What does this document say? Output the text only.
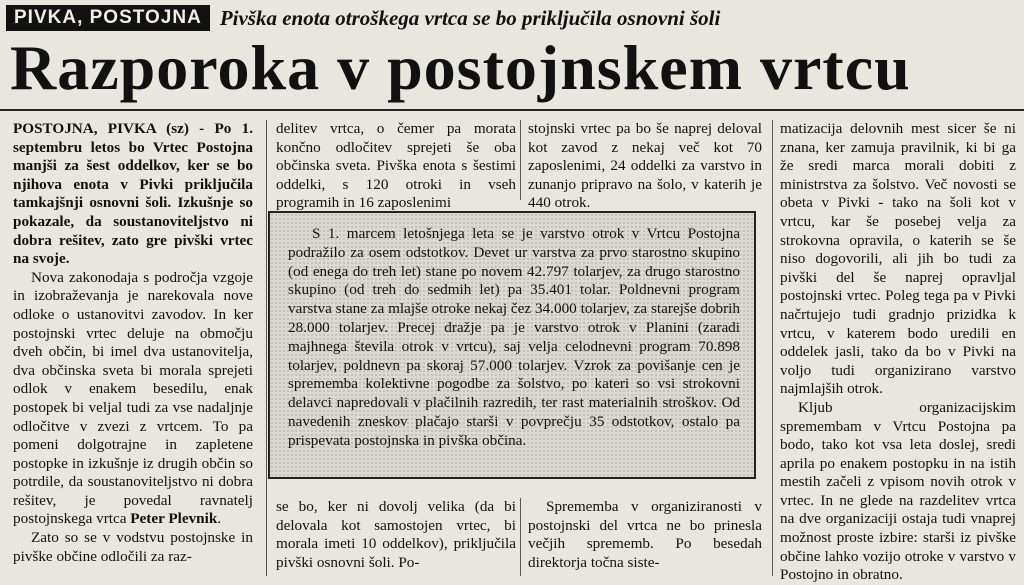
PIVKA, POSTOJNA Pivška enota otroškega vrtca se bo priključila osnovni šoli
Razporoka v postojnskem vrtcu

POSTOJNA, PIVKA (sz) - Po 1. septembru letos bo Vrtec Postojna manjši za šest oddelkov, ker se bo njihova enota v Pivki priključila tamkajšnji osnovni šoli. Izkušnje so pokazale, da soustanoviteljstvo ni dobra rešitev, zato gre pivški vrtec na svoje.

Nova zakonodaja s področja vzgoje in izobraževanja je narekovala nove odloke o ustanovitvi zavodov. In ker postojnski vrtec deluje na območju dveh občin, bi imel dva ustanovitelja, dva občinska sveta bi morala sprejeti odlok v enakem besedilu, enak postopek bi veljal tudi za vse nadaljnje odločitve v zvezi z vrtcem. To pa pomeni dolgotrajne in zapletene postopke in izkušnje iz drugih občin so potrdile, da soustanoviteljstvo ni dobra rešitev, je povedal ravnatelj postojnskega vrtca Peter Plevnik.

Zato so se v vodstvu postojnske in pivške občine odločili za raz-

delitev vrtca, o čemer pa morata končno odločitev sprejeti še oba občinska sveta. Pivška enota s šestimi oddelki, s 120 otroki in vseh programih in 16 zaposlenimi

stojnski vrtec pa bo še naprej deloval kot zavod z nekaj več kot 70 zaposlenimi, 24 oddelki za varstvo in zunanjo pripravo na šolo, v katerih je 440 otrok.

S 1. marcem letošnjega leta se je varstvo otrok v Vrtcu Postojna podražilo za osem odstotkov. Devet ur varstva za prvo starostno skupino (od enega do treh let) stane po novem 42.797 tolarjev, za drugo starostno skupino (od treh do sedmih let) pa 35.401 tolar. Poldnevni program varstva stane za mlajše otroke nekaj čez 34.000 tolarjev, za starejše dobrih 28.000 tolarjev. Precej dražje pa je varstvo otrok v Planini (zaradi majhnega števila otrok v vrtcu), saj velja celodnevni program 70.898 tolarjev, poldnevn pa skoraj 57.000 tolarjev. Vzrok za povišanje cen je sprememba kolektivne pogodbe za šolstvo, po kateri so vsi strokovni delavci napredovali v plačilnih razredih, ter rast materialnih stroškov. Od navedenih zneskov plačajo starši v povprečju 35 odstotkov, ostalo pa prispevata postojnska in pivška občina.

se bo, ker ni dovolj velika (da bi delovala kot samostojen vrtec, bi morala imeti 10 oddelkov), priključila pivški osnovni šoli. Po-

Sprememba v organiziranosti v postojnski del vrtca ne bo prinesla večjih sprememb. Po besedah direktorja točna siste-

matizacija delovnih mest sicer še ni znana, ker zamuja pravilnik, ki bi ga že sredi marca morali dobiti z ministrstva za šolstvo. Več novosti se obeta v Pivki - tako na šoli kot v vrtcu, kar še posebej velja za strokovna opravila, o katerih se še niso dogovorili, ali jih bo tudi za pivški del še naprej opravljal postojnski vrtec. Poleg tega pa v Pivki načrtujejo tudi gradnjo prizidka k vrtcu, v katerem bodo uredili en oddelek jasli, tako da bo v Pivki na voljo tudi organizirano varstvo najmlajših otrok.

Kljub organizacijskim spremembam v Vrtcu Postojna pa bodo, tako kot vsa leta doslej, sredi aprila po enakem postopku in na istih mestih začeli z vpisom novih otrok v vrtec. In ne glede na razdelitev vrtca na dve organizaciji ostaja tudi vnaprej možnost proste izbire: starši iz pivške občine lahko vozijo otroke v varstvo v Postojno in obratno.
